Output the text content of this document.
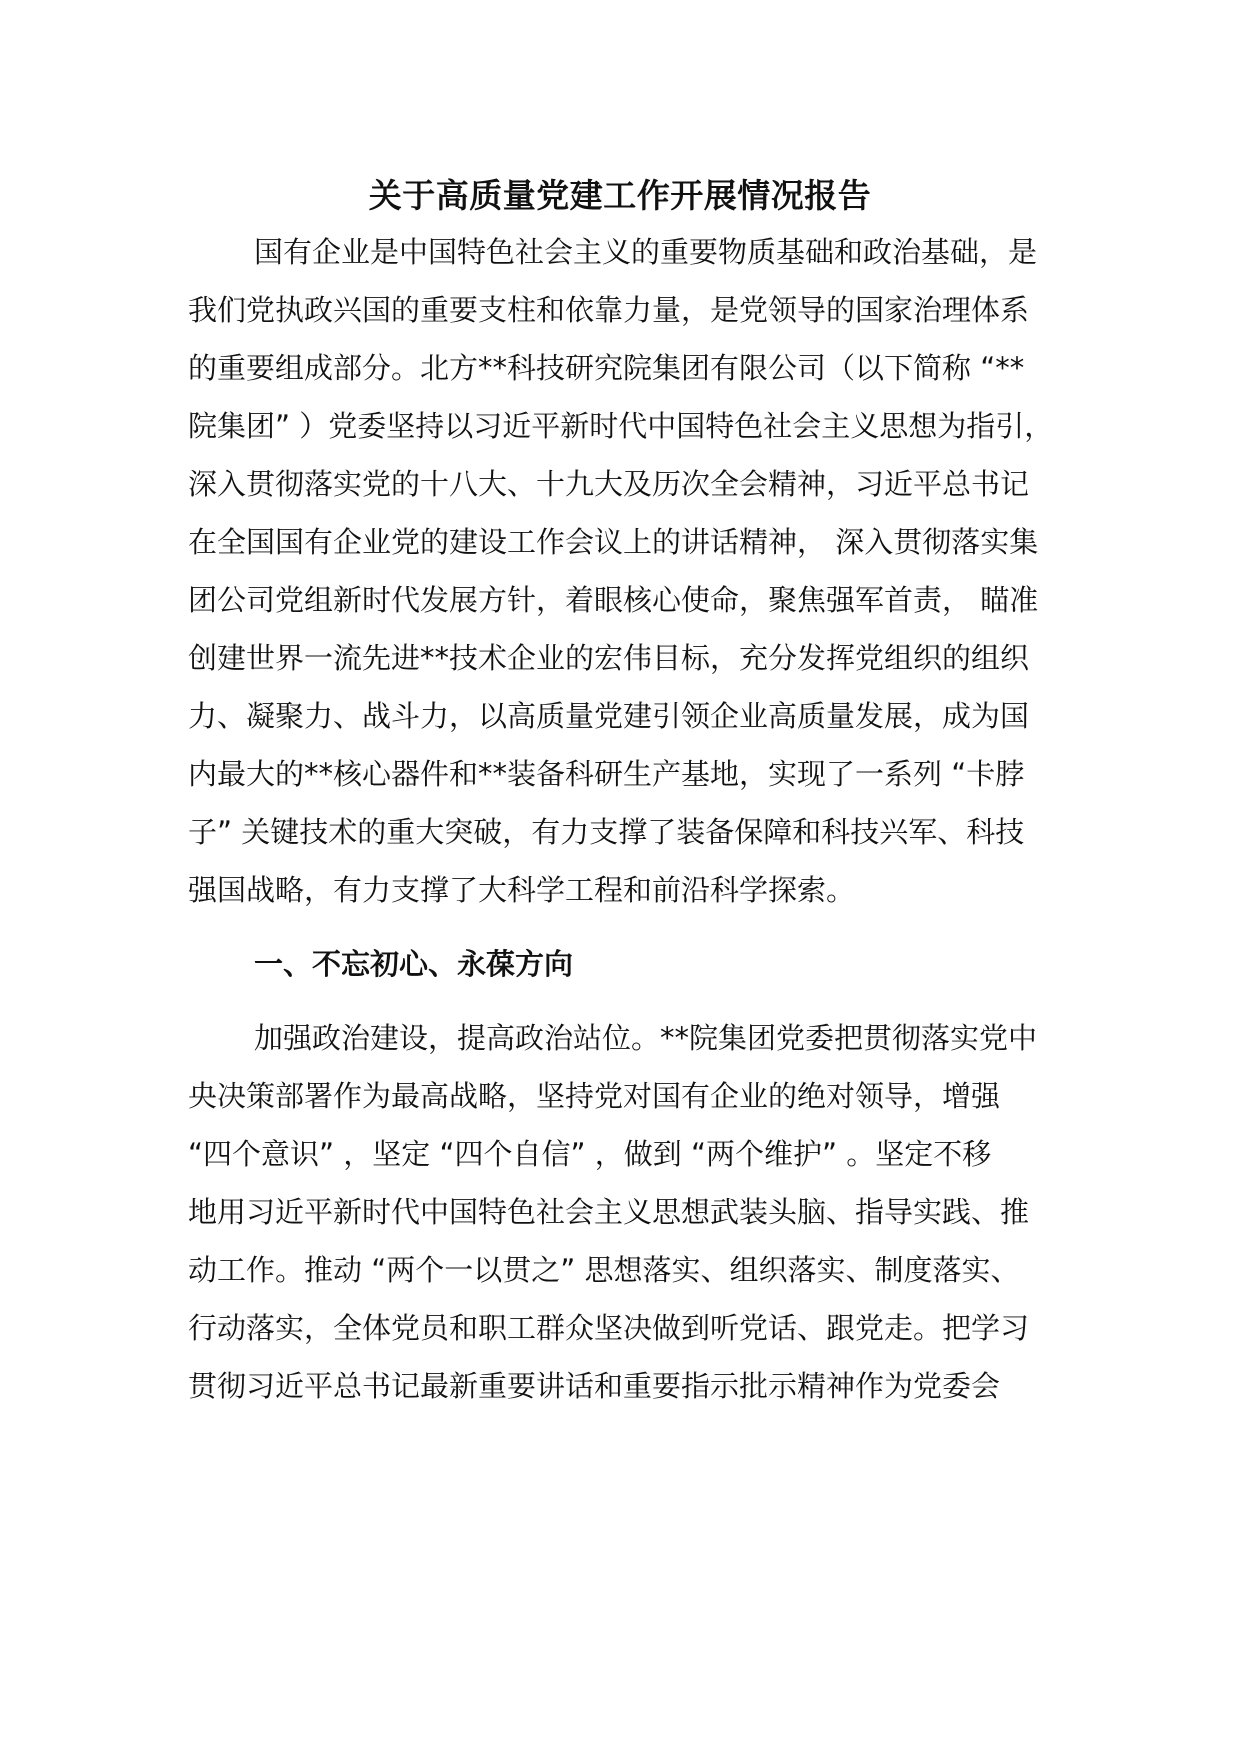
关于高质量党建工作开展情况报告

国有企业是中国特色社会主义的重要物质基础和政治基础，是

我们党执政兴国的重要支柱和依靠力量，是党领导的国家治理体系

的重要组成部分。北方**科技研究院集团有限公司（以下简称 “**

院集团” ）党委坚持以习近平新时代中国特色社会主义思想为指引，

深入贯彻落实党的十八大、十九大及历次全会精神，习近平总书记

在全国国有企业党的建设工作会议上的讲话精神， 深入贯彻落实集

团公司党组新时代发展方针，着眼核心使命，聚焦强军首责， 瞄准

创建世界一流先进**技术企业的宏伟目标，充分发挥党组织的组织

力、凝聚力、战斗力，以高质量党建引领企业高质量发展，成为国

内最大的**核心器件和**装备科研生产基地，实现了一系列 “卡脖

子” 关键技术的重大突破，有力支撑了装备保障和科技兴军、科技

强国战略，有力支撑了大科学工程和前沿科学探索。

一、不忘初心、永葆方向

加强政治建设，提高政治站位。**院集团党委把贯彻落实党中

央决策部署作为最高战略，坚持党对国有企业的绝对领导，增强

“四个意识” ，坚定 “四个自信” ，做到 “两个维护” 。坚定不移

地用习近平新时代中国特色社会主义思想武装头脑、指导实践、推

动工作。推动 “两个一以贯之” 思想落实、组织落实、制度落实、

行动落实，全体党员和职工群众坚决做到听党话、跟党走。把学习

贯彻习近平总书记最新重要讲话和重要指示批示精神作为党委会
